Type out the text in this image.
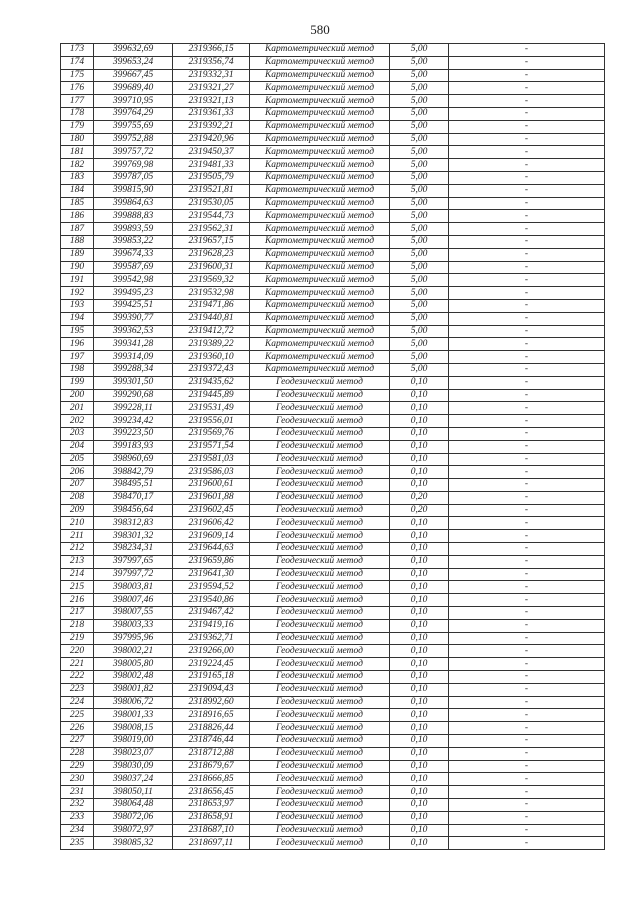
580
173	399632,69	2319366,15	Картометрический метод	5,00	-
174	399653,24	2319356,74	Картометрический метод	5,00	-
175	399667,45	2319332,31	Картометрический метод	5,00	-
176	399689,40	2319321,27	Картометрический метод	5,00	-
177	399710,95	2319321,13	Картометрический метод	5,00	-
178	399764,29	2319361,33	Картометрический метод	5,00	-
179	399755,69	2319392,21	Картометрический метод	5,00	-
180	399752,88	2319420,96	Картометрический метод	5,00	-
181	399757,72	2319450,37	Картометрический метод	5,00	-
182	399769,98	2319481,33	Картометрический метод	5,00	-
183	399787,05	2319505,79	Картометрический метод	5,00	-
184	399815,90	2319521,81	Картометрический метод	5,00	-
185	399864,63	2319530,05	Картометрический метод	5,00	-
186	399888,83	2319544,73	Картометрический метод	5,00	-
187	399893,59	2319562,31	Картометрический метод	5,00	-
188	399853,22	2319657,15	Картометрический метод	5,00	-
189	399674,33	2319628,23	Картометрический метод	5,00	-
190	399587,69	2319600,31	Картометрический метод	5,00	-
191	399542,98	2319569,32	Картометрический метод	5,00	-
192	399495,23	2319532,98	Картометрический метод	5,00	-
193	399425,51	2319471,86	Картометрический метод	5,00	-
194	399390,77	2319440,81	Картометрический метод	5,00	-
195	399362,53	2319412,72	Картометрический метод	5,00	-
196	399341,28	2319389,22	Картометрический метод	5,00	-
197	399314,09	2319360,10	Картометрический метод	5,00	-
198	399288,34	2319372,43	Картометрический метод	5,00	-
199	399301,50	2319435,62	Геодезический метод	0,10	-
200	399290,68	2319445,89	Геодезический метод	0,10	-
201	399228,11	2319531,49	Геодезический метод	0,10	-
202	399234,42	2319556,01	Геодезический метод	0,10	-
203	399223,50	2319569,76	Геодезический метод	0,10	-
204	399183,93	2319571,54	Геодезический метод	0,10	-
205	398960,69	2319581,03	Геодезический метод	0,10	-
206	398842,79	2319586,03	Геодезический метод	0,10	-
207	398495,51	2319600,61	Геодезический метод	0,10	-
208	398470,17	2319601,88	Геодезический метод	0,20	-
209	398456,64	2319602,45	Геодезический метод	0,20	-
210	398312,83	2319606,42	Геодезический метод	0,10	-
211	398301,32	2319609,14	Геодезический метод	0,10	-
212	398234,31	2319644,63	Геодезический метод	0,10	-
213	397997,65	2319659,86	Геодезический метод	0,10	-
214	397997,72	2319641,30	Геодезический метод	0,10	-
215	398003,81	2319594,52	Геодезический метод	0,10	-
216	398007,46	2319540,86	Геодезический метод	0,10	-
217	398007,55	2319467,42	Геодезический метод	0,10	-
218	398003,33	2319419,16	Геодезический метод	0,10	-
219	397995,96	2319362,71	Геодезический метод	0,10	-
220	398002,21	2319266,00	Геодезический метод	0,10	-
221	398005,80	2319224,45	Геодезический метод	0,10	-
222	398002,48	2319165,18	Геодезический метод	0,10	-
223	398001,82	2319094,43	Геодезический метод	0,10	-
224	398006,72	2318992,60	Геодезический метод	0,10	-
225	398001,33	2318916,65	Геодезический метод	0,10	-
226	398008,15	2318826,44	Геодезический метод	0,10	-
227	398019,00	2318746,44	Геодезический метод	0,10	-
228	398023,07	2318712,88	Геодезический метод	0,10	-
229	398030,09	2318679,67	Геодезический метод	0,10	-
230	398037,24	2318666,85	Геодезический метод	0,10	-
231	398050,11	2318656,45	Геодезический метод	0,10	-
232	398064,48	2318653,97	Геодезический метод	0,10	-
233	398072,06	2318658,91	Геодезический метод	0,10	-
234	398072,97	2318687,10	Геодезический метод	0,10	-
235	398085,32	2318697,11	Геодезический метод	0,10	-
